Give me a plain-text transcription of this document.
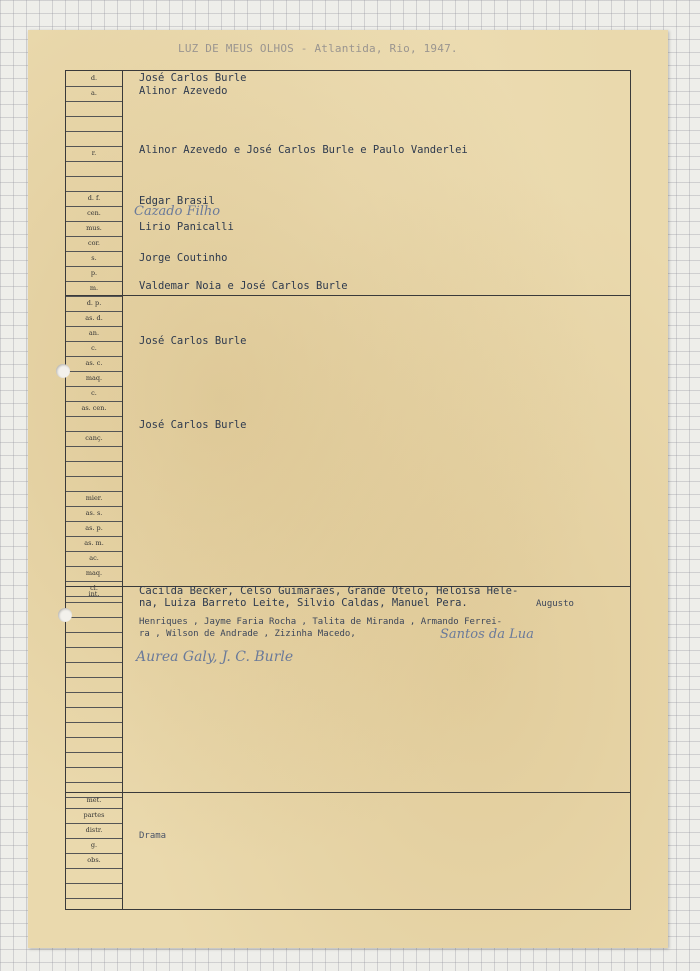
LUZ DE MEUS OLHOS - Atlantida, Rio, 1947.
d.
a.
r.
d. f.
cen.
mus.
cor.
s.
p.
m.
d. p.
as. d.
an.
c.
as. c.
maq.
c.
as. cen.
canç.
mier.
as. s.
as. p.
as. m.
ac.
maq.
cl.
int.
met.
partes
distr.
g.
obs.
José Carlos Burle
Alinor Azevedo
Alinor Azevedo e José Carlos Burle e Paulo Vanderlei
Edgar Brasil
Cazado Filho
Lirio Panicalli
Jorge Coutinho
Valdemar Noia e José Carlos Burle
José Carlos Burle
José Carlos Burle
Cacilda Becker, Celso Guimarães, Grande Otelo, Heloisa Hele-
na, Luiza Barreto Leite, Silvio Caldas, Manuel Pera.	Augusto
Henriques , Jayme Faria Rocha , Talita de Miranda , Armando Ferrei-
ra , Wilson de Andrade , Zizinha Macedo,	Santos da Lua
Aurea Galy, J. C. Burle
Drama
